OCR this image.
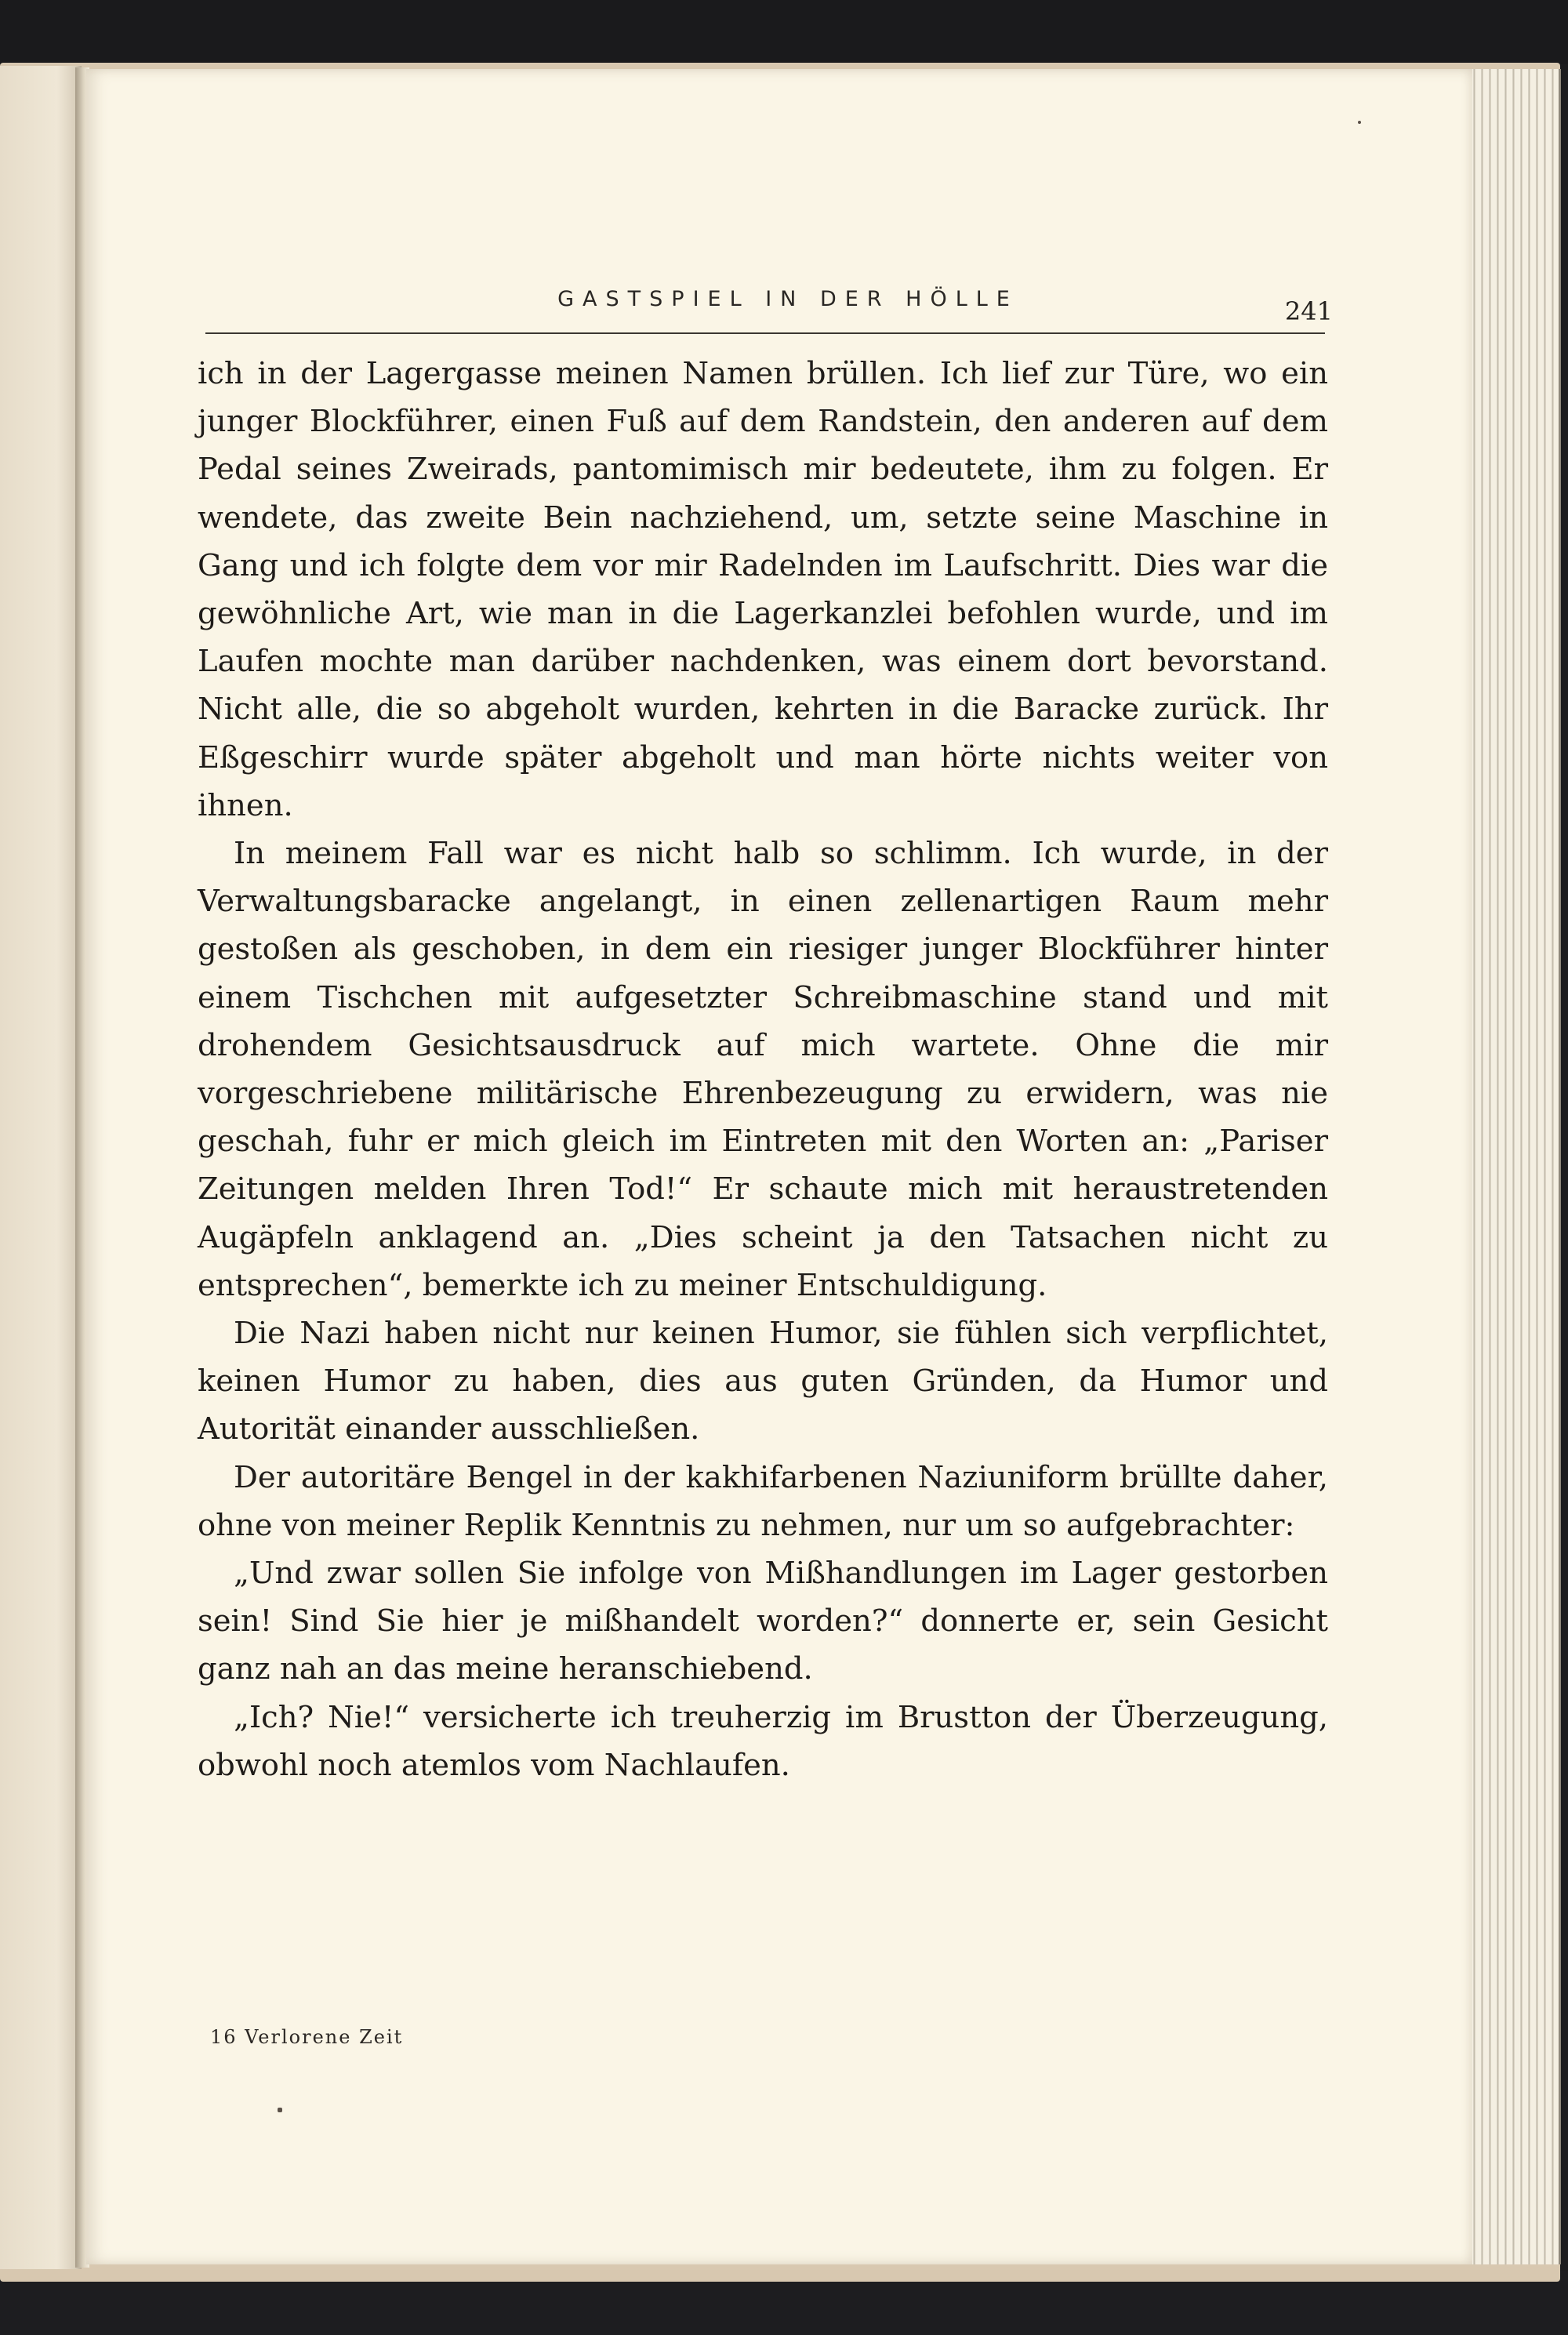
GASTSPIEL IN DER HÖLLE	241

ich in der Lagergasse meinen Namen brüllen. Ich lief zur Türe, wo ein junger Blockführer, einen Fuß auf dem Randstein, den anderen auf dem Pedal seines Zweirads, pantomimisch mir bedeutete, ihm zu folgen. Er wendete, das zweite Bein nachziehend, um, setzte seine Maschine in Gang und ich folgte dem vor mir Radelnden im Laufschritt. Dies war die gewöhnliche Art, wie man in die Lagerkanzlei befohlen wurde, und im Laufen mochte man darüber nachdenken, was einem dort bevorstand. Nicht alle, die so abgeholt wurden, kehrten in die Baracke zurück. Ihr Eßgeschirr wurde später abgeholt und man hörte nichts weiter von ihnen.

In meinem Fall war es nicht halb so schlimm. Ich wurde, in der Verwaltungsbaracke angelangt, in einen zellenartigen Raum mehr gestoßen als geschoben, in dem ein riesiger junger Blockführer hinter einem Tischchen mit aufgesetzter Schreibmaschine stand und mit drohendem Gesichtsausdruck auf mich wartete. Ohne die mir vorgeschriebene militärische Ehrenbezeugung zu erwidern, was nie geschah, fuhr er mich gleich im Eintreten mit den Worten an: „Pariser Zeitungen melden Ihren Tod!“ Er schaute mich mit heraustretenden Augäpfeln anklagend an. „Dies scheint ja den Tatsachen nicht zu entsprechen“, bemerkte ich zu meiner Entschuldigung.

Die Nazi haben nicht nur keinen Humor, sie fühlen sich verpflichtet, keinen Humor zu haben, dies aus guten Gründen, da Humor und Autorität einander ausschließen.

Der autoritäre Bengel in der kakhifarbenen Naziuniform brüllte daher, ohne von meiner Replik Kenntnis zu nehmen, nur um so aufgebrachter:

„Und zwar sollen Sie infolge von Mißhandlungen im Lager gestorben sein! Sind Sie hier je mißhandelt worden?“ donnerte er, sein Gesicht ganz nah an das meine heranschiebend.

„Ich? Nie!“ versicherte ich treuherzig im Brustton der Überzeugung, obwohl noch atemlos vom Nachlaufen.

16 Verlorene Zeit
